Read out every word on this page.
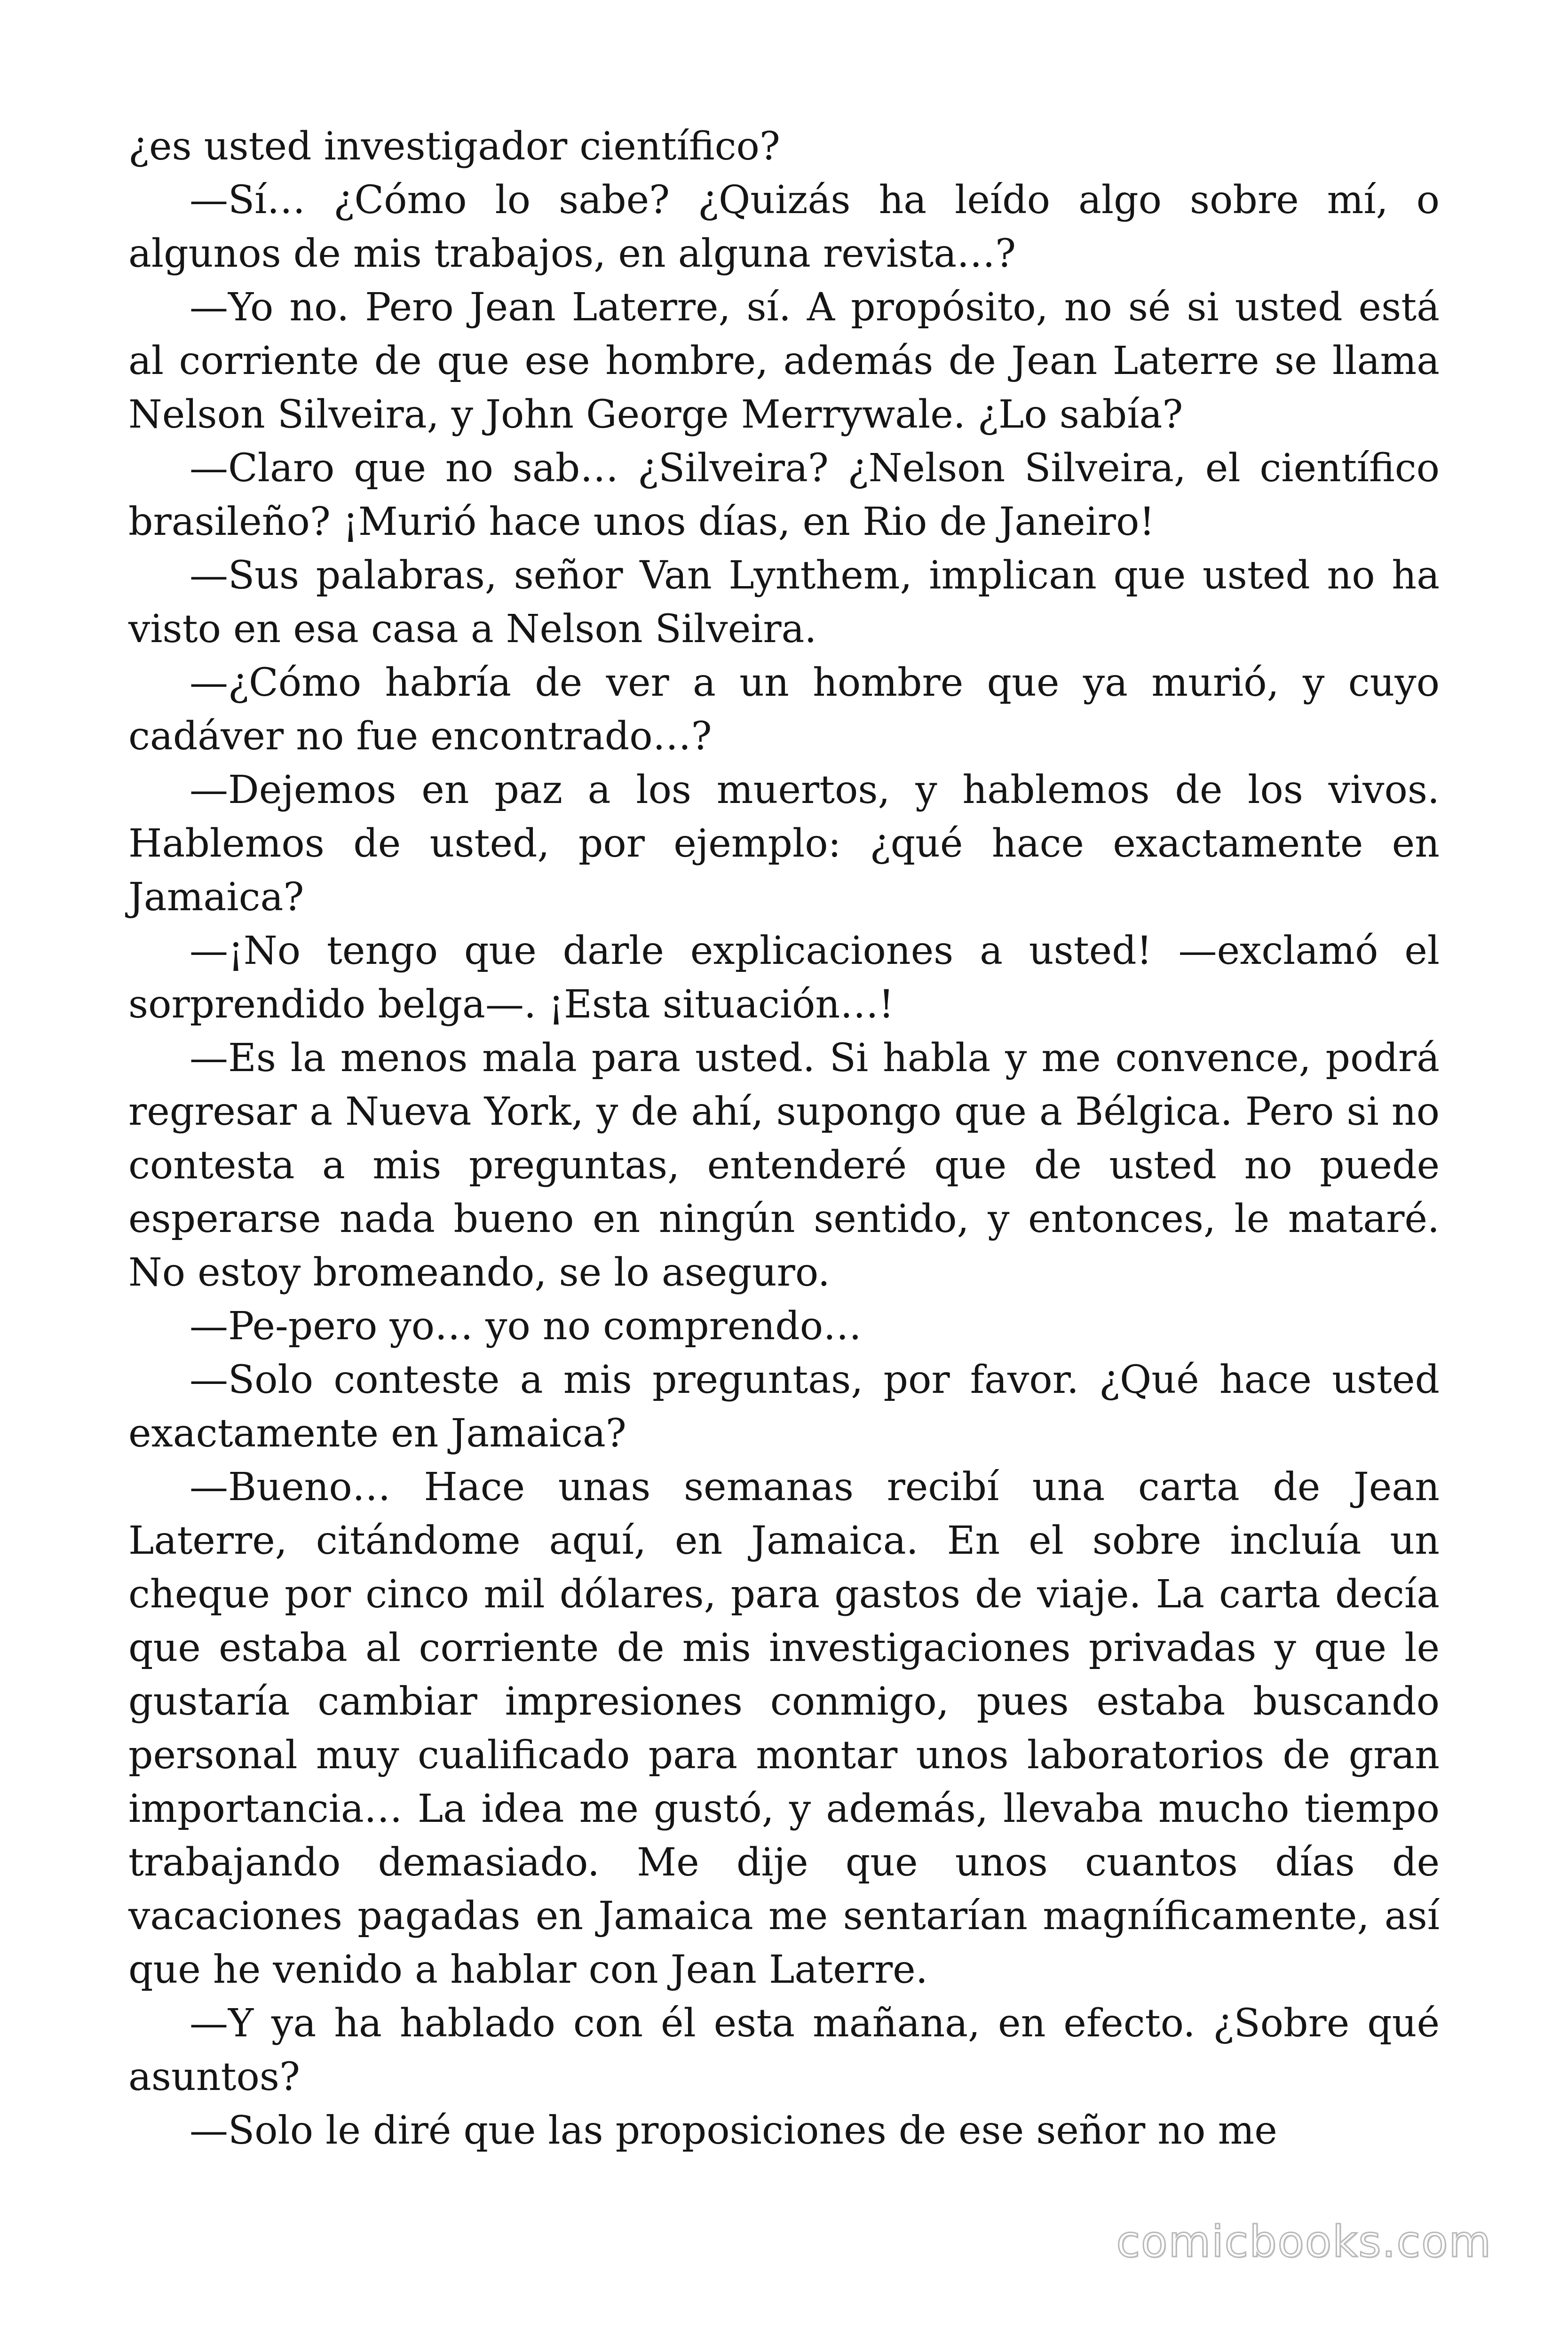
¿es usted investigador científico?

—Sí… ¿Cómo lo sabe? ¿Quizás ha leído algo sobre mí, o algunos de mis trabajos, en alguna revista…?

—Yo no. Pero Jean Laterre, sí. A propósito, no sé si usted está al corriente de que ese hombre, además de Jean Laterre se llama Nelson Silveira, y John George Merrywale. ¿Lo sabía?

—Claro que no sab… ¿Silveira? ¿Nelson Silveira, el científico brasileño? ¡Murió hace unos días, en Rio de Janeiro!

—Sus palabras, señor Van Lynthem, implican que usted no ha visto en esa casa a Nelson Silveira.

—¿Cómo habría de ver a un hombre que ya murió, y cuyo cadáver no fue encontrado…?

—Dejemos en paz a los muertos, y hablemos de los vivos. Hablemos de usted, por ejemplo: ¿qué hace exactamente en Jamaica?

—¡No tengo que darle explicaciones a usted! —exclamó el sorprendido belga—. ¡Esta situación…!

—Es la menos mala para usted. Si habla y me convence, podrá regresar a Nueva York, y de ahí, supongo que a Bélgica. Pero si no contesta a mis preguntas, entenderé que de usted no puede esperarse nada bueno en ningún sentido, y entonces, le mataré. No estoy bromeando, se lo aseguro.

—Pe-pero yo… yo no comprendo…

—Solo conteste a mis preguntas, por favor. ¿Qué hace usted exactamente en Jamaica?

—Bueno… Hace unas semanas recibí una carta de Jean Laterre, citándome aquí, en Jamaica. En el sobre incluía un cheque por cinco mil dólares, para gastos de viaje. La carta decía que estaba al corriente de mis investigaciones privadas y que le gustaría cambiar impresiones conmigo, pues estaba buscando personal muy cualificado para montar unos laboratorios de gran importancia… La idea me gustó, y además, llevaba mucho tiempo trabajando demasiado. Me dije que unos cuantos días de vacaciones pagadas en Jamaica me sentarían magníficamente, así que he venido a hablar con Jean Laterre.

—Y ya ha hablado con él esta mañana, en efecto. ¿Sobre qué asuntos?

—Solo le diré que las proposiciones de ese señor no me

comicbooks.com
